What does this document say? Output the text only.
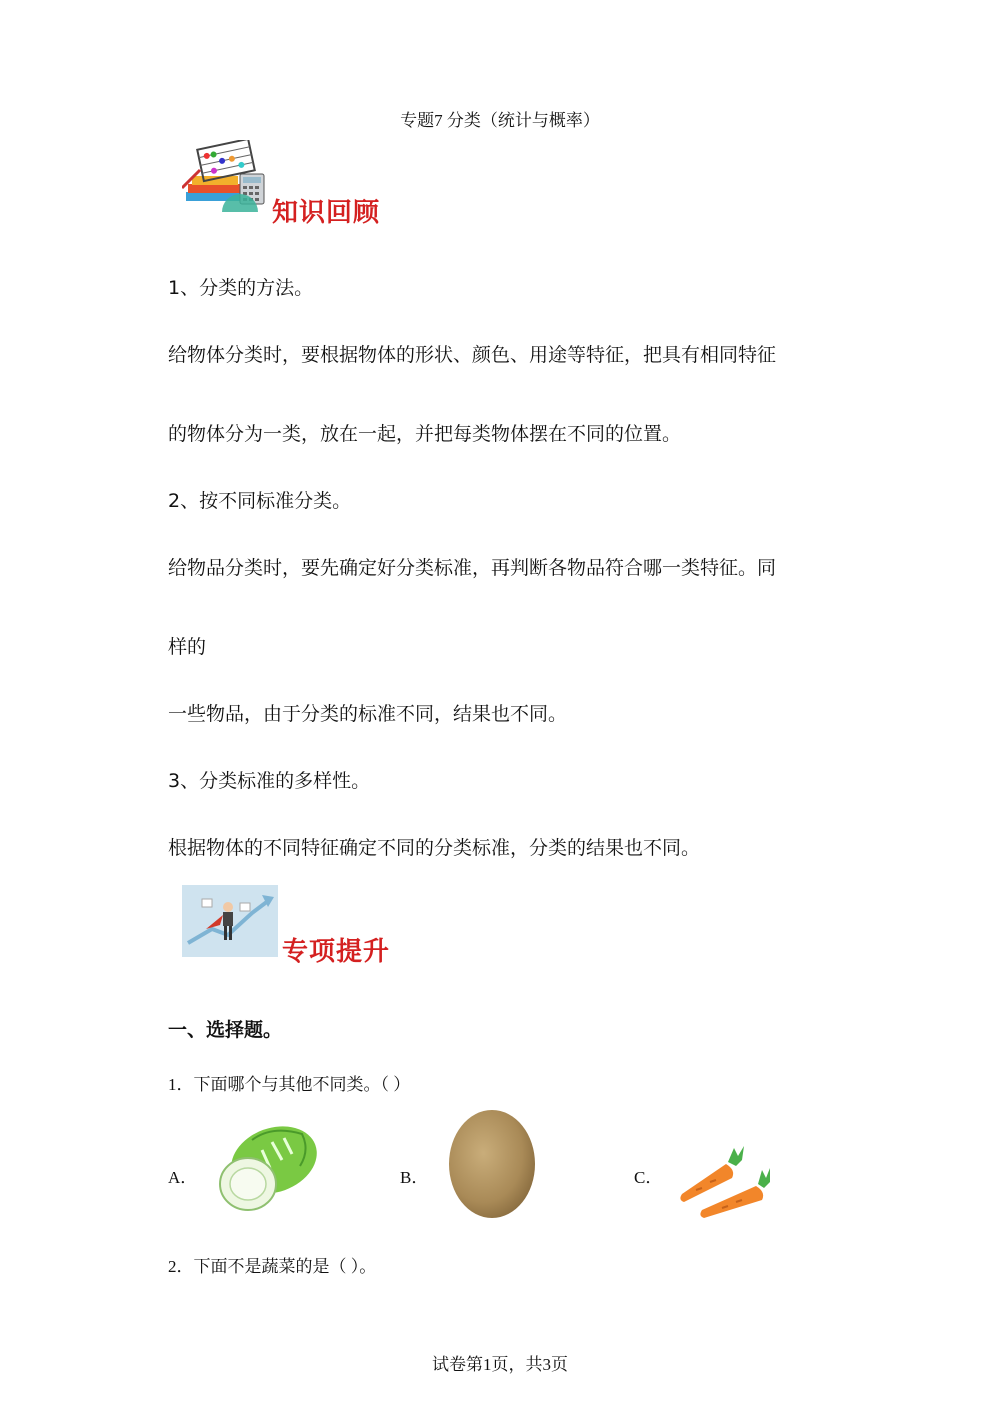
专题7 分类（统计与概率）
知识回顾
1、分类的方法。
给物体分类时，要根据物体的形状、颜色、用途等特征，把具有相同特征
的物体分为一类，放在一起，并把每类物体摆在不同的位置。
2、按不同标准分类。
给物品分类时，要先确定好分类标准，再判断各物品符合哪一类特征。同
样的
一些物品，由于分类的标准不同，结果也不同。
3、分类标准的多样性。
根据物体的不同特征确定不同的分类标准，分类的结果也不同。
专项提升
一、选择题。
1．下面哪个与其他不同类。（ ）
A．	B．	C．
2．下面不是蔬菜的是（ ）。
试卷第1页，共3页
